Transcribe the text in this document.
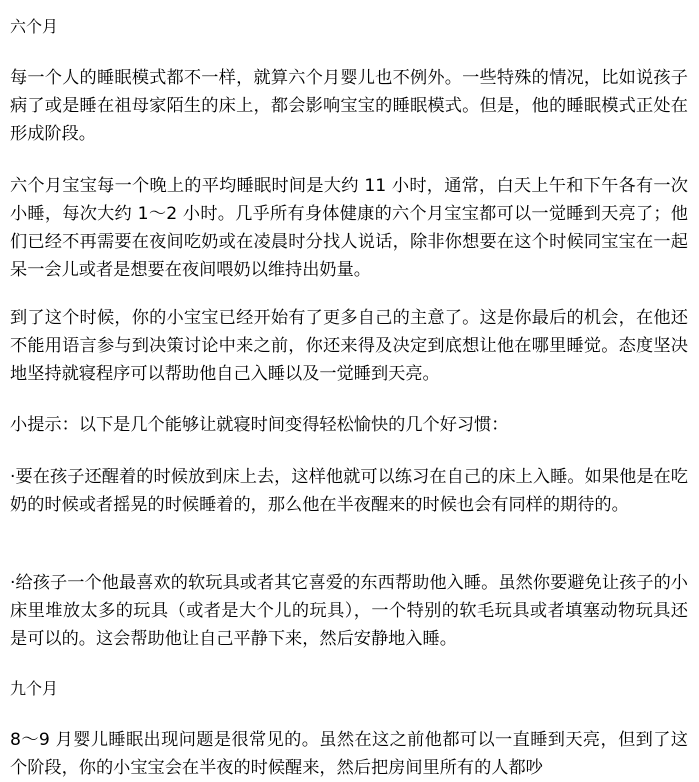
六个月

每一个人的睡眠模式都不一样，就算六个月婴儿也不例外。一些特殊的情况，比如说孩子病了或是睡在祖母家陌生的床上，都会影响宝宝的睡眠模式。但是，他的睡眠模式正处在形成阶段。

六个月宝宝每一个晚上的平均睡眠时间是大约 11 小时，通常，白天上午和下午各有一次小睡，每次大约 1～2 小时。几乎所有身体健康的六个月宝宝都可以一觉睡到天亮了；他们已经不再需要在夜间吃奶或在凌晨时分找人说话，除非你想要在这个时候同宝宝在一起呆一会儿或者是想要在夜间喂奶以维持出奶量。

到了这个时候，你的小宝宝已经开始有了更多自己的主意了。这是你最后的机会，在他还不能用语言参与到决策讨论中来之前，你还来得及决定到底想让他在哪里睡觉。态度坚决地坚持就寝程序可以帮助他自己入睡以及一觉睡到天亮。

小提示：以下是几个能够让就寝时间变得轻松愉快的几个好习惯：

·要在孩子还醒着的时候放到床上去，这样他就可以练习在自己的床上入睡。如果他是在吃奶的时候或者摇晃的时候睡着的，那么他在半夜醒来的时候也会有同样的期待的。

·给孩子一个他最喜欢的软玩具或者其它喜爱的东西帮助他入睡。虽然你要避免让孩子的小床里堆放太多的玩具（或者是大个儿的玩具），一个特别的软毛玩具或者填塞动物玩具还是可以的。这会帮助他让自己平静下来，然后安静地入睡。

九个月

8～9 月婴儿睡眠出现问题是很常见的。虽然在这之前他都可以一直睡到天亮，但到了这个阶段，你的小宝宝会在半夜的时候醒来，然后把房间里所有的人都吵
